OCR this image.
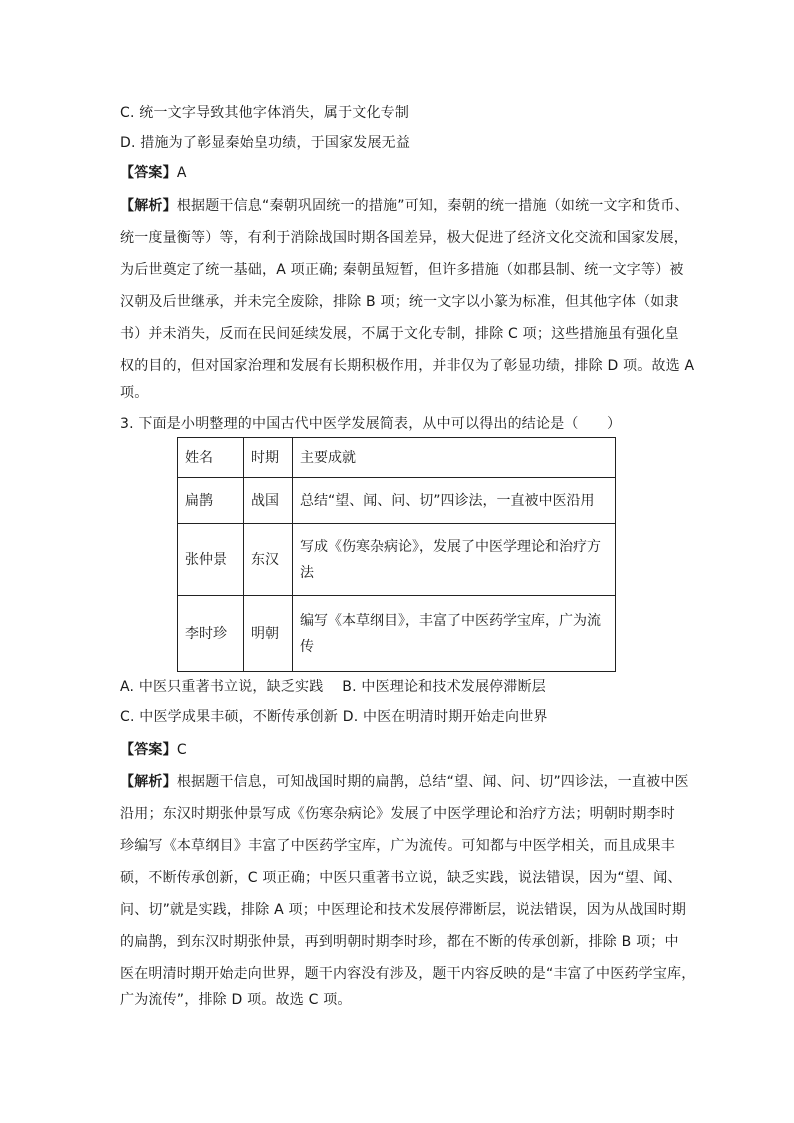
C. 统一文字导致其他字体消失，属于文化专制
D. 措施为了彰显秦始皇功绩，于国家发展无益
【答案】A
【解析】根据题干信息“秦朝巩固统一的措施”可知，秦朝的统一措施（如统一文字和货币、
统一度量衡等）等，有利于消除战国时期各国差异，极大促进了经济文化交流和国家发展，
为后世奠定了统一基础，A 项正确; 秦朝虽短暂，但许多措施（如郡县制、统一文字等）被
汉朝及后世继承，并未完全废除，排除 B 项；统一文字以小篆为标准，但其他字体（如隶
书）并未消失，反而在民间延续发展，不属于文化专制，排除 C 项；这些措施虽有强化皇
权的目的，但对国家治理和发展有长期积极作用，并非仅为了彰显功绩，排除 D 项。故选 A
项。
3. 下面是小明整理的中国古代中医学发展简表，从中可以得出的结论是（　　）
姓名	时期	主要成就
扁鹊	战国	总结“望、闻、问、切”四诊法，一直被中医沿用
张仲景	东汉	写成《伤寒杂病论》，发展了中医学理论和治疗方法
李时珍	明朝	编写《本草纲目》，丰富了中医药学宝库，广为流传
A. 中医只重著书立说，缺乏实践　 B. 中医理论和技术发展停滞断层
C. 中医学成果丰硕，不断传承创新 D. 中医在明清时期开始走向世界
【答案】C
【解析】根据题干信息，可知战国时期的扁鹊，总结“望、闻、问、切”四诊法，一直被中医
沿用；东汉时期张仲景写成《伤寒杂病论》发展了中医学理论和治疗方法；明朝时期李时
珍编写《本草纲目》丰富了中医药学宝库，广为流传。可知都与中医学相关，而且成果丰
硕，不断传承创新，C 项正确；中医只重著书立说，缺乏实践，说法错误，因为“望、闻、
问、切”就是实践，排除 A 项；中医理论和技术发展停滞断层，说法错误，因为从战国时期
的扁鹊，到东汉时期张仲景，再到明朝时期李时珍，都在不断的传承创新，排除 B 项；中
医在明清时期开始走向世界，题干内容没有涉及，题干内容反映的是“丰富了中医药学宝库，
广为流传”，排除 D 项。故选 C 项。
